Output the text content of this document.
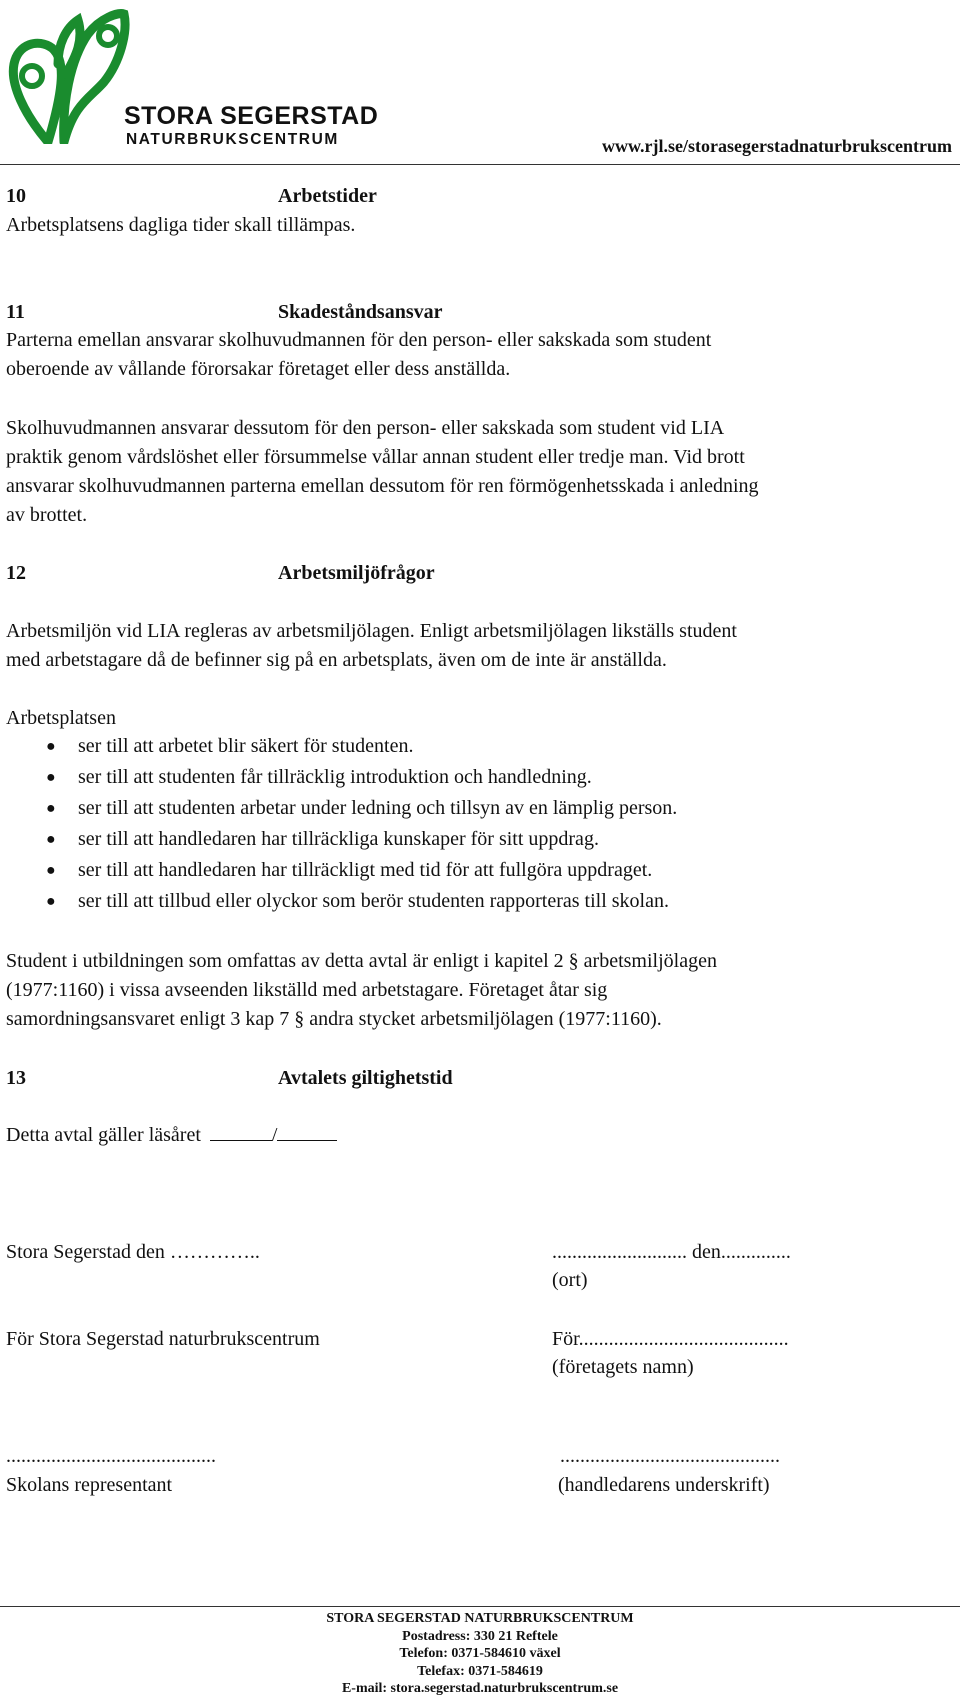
STORA SEGERSTAD
NATURBRUKSCENTRUM	www.rjl.se/storasegerstadnaturbrukscentrum
10	Arbetstider
Arbetsplatsens dagliga tider skall tillämpas.
11	Skadeståndsansvar
Parterna emellan ansvarar skolhuvudmannen för den person- eller sakskada som student
oberoende av vållande förorsakar företaget eller dess anställda.
Skolhuvudmannen ansvarar dessutom för den person- eller sakskada som student vid LIA
praktik genom vårdslöshet eller försummelse vållar annan student eller tredje man. Vid brott
ansvarar skolhuvudmannen parterna emellan dessutom för ren förmögenhetsskada i anledning
av brottet.
12	Arbetsmiljöfrågor
Arbetsmiljön vid LIA regleras av arbetsmiljölagen. Enligt arbetsmiljölagen likställs student
med arbetstagare då de befinner sig på en arbetsplats, även om de inte är anställda.
Arbetsplatsen
●	ser till att arbetet blir säkert för studenten.
●	ser till att studenten får tillräcklig introduktion och handledning.
●	ser till att studenten arbetar under ledning och tillsyn av en lämplig person.
●	ser till att handledaren har tillräckliga kunskaper för sitt uppdrag.
●	ser till att handledaren har tillräckligt med tid för att fullgöra uppdraget.
●	ser till att tillbud eller olyckor som berör studenten rapporteras till skolan.
Student i utbildningen som omfattas av detta avtal är enligt i kapitel 2 § arbetsmiljölagen
(1977:1160) i vissa avseenden likställd med arbetstagare. Företaget åtar sig
samordningsansvaret enligt 3 kap 7 § andra stycket arbetsmiljölagen (1977:1160).
13	Avtalets giltighetstid
Detta avtal gäller läsåret	/
Stora Segerstad den …………..	........................... den..............
(ort)
För Stora Segerstad naturbrukscentrum	För..........................................
(företagets namn)
..........................................	............................................
Skolans representant	(handledarens underskrift)
STORA SEGERSTAD NATURBRUKSCENTRUM
Postadress: 330 21 Reftele
Telefon: 0371-584610 växel
Telefax: 0371-584619
E-mail: stora.segerstad.naturbrukscentrum.se
